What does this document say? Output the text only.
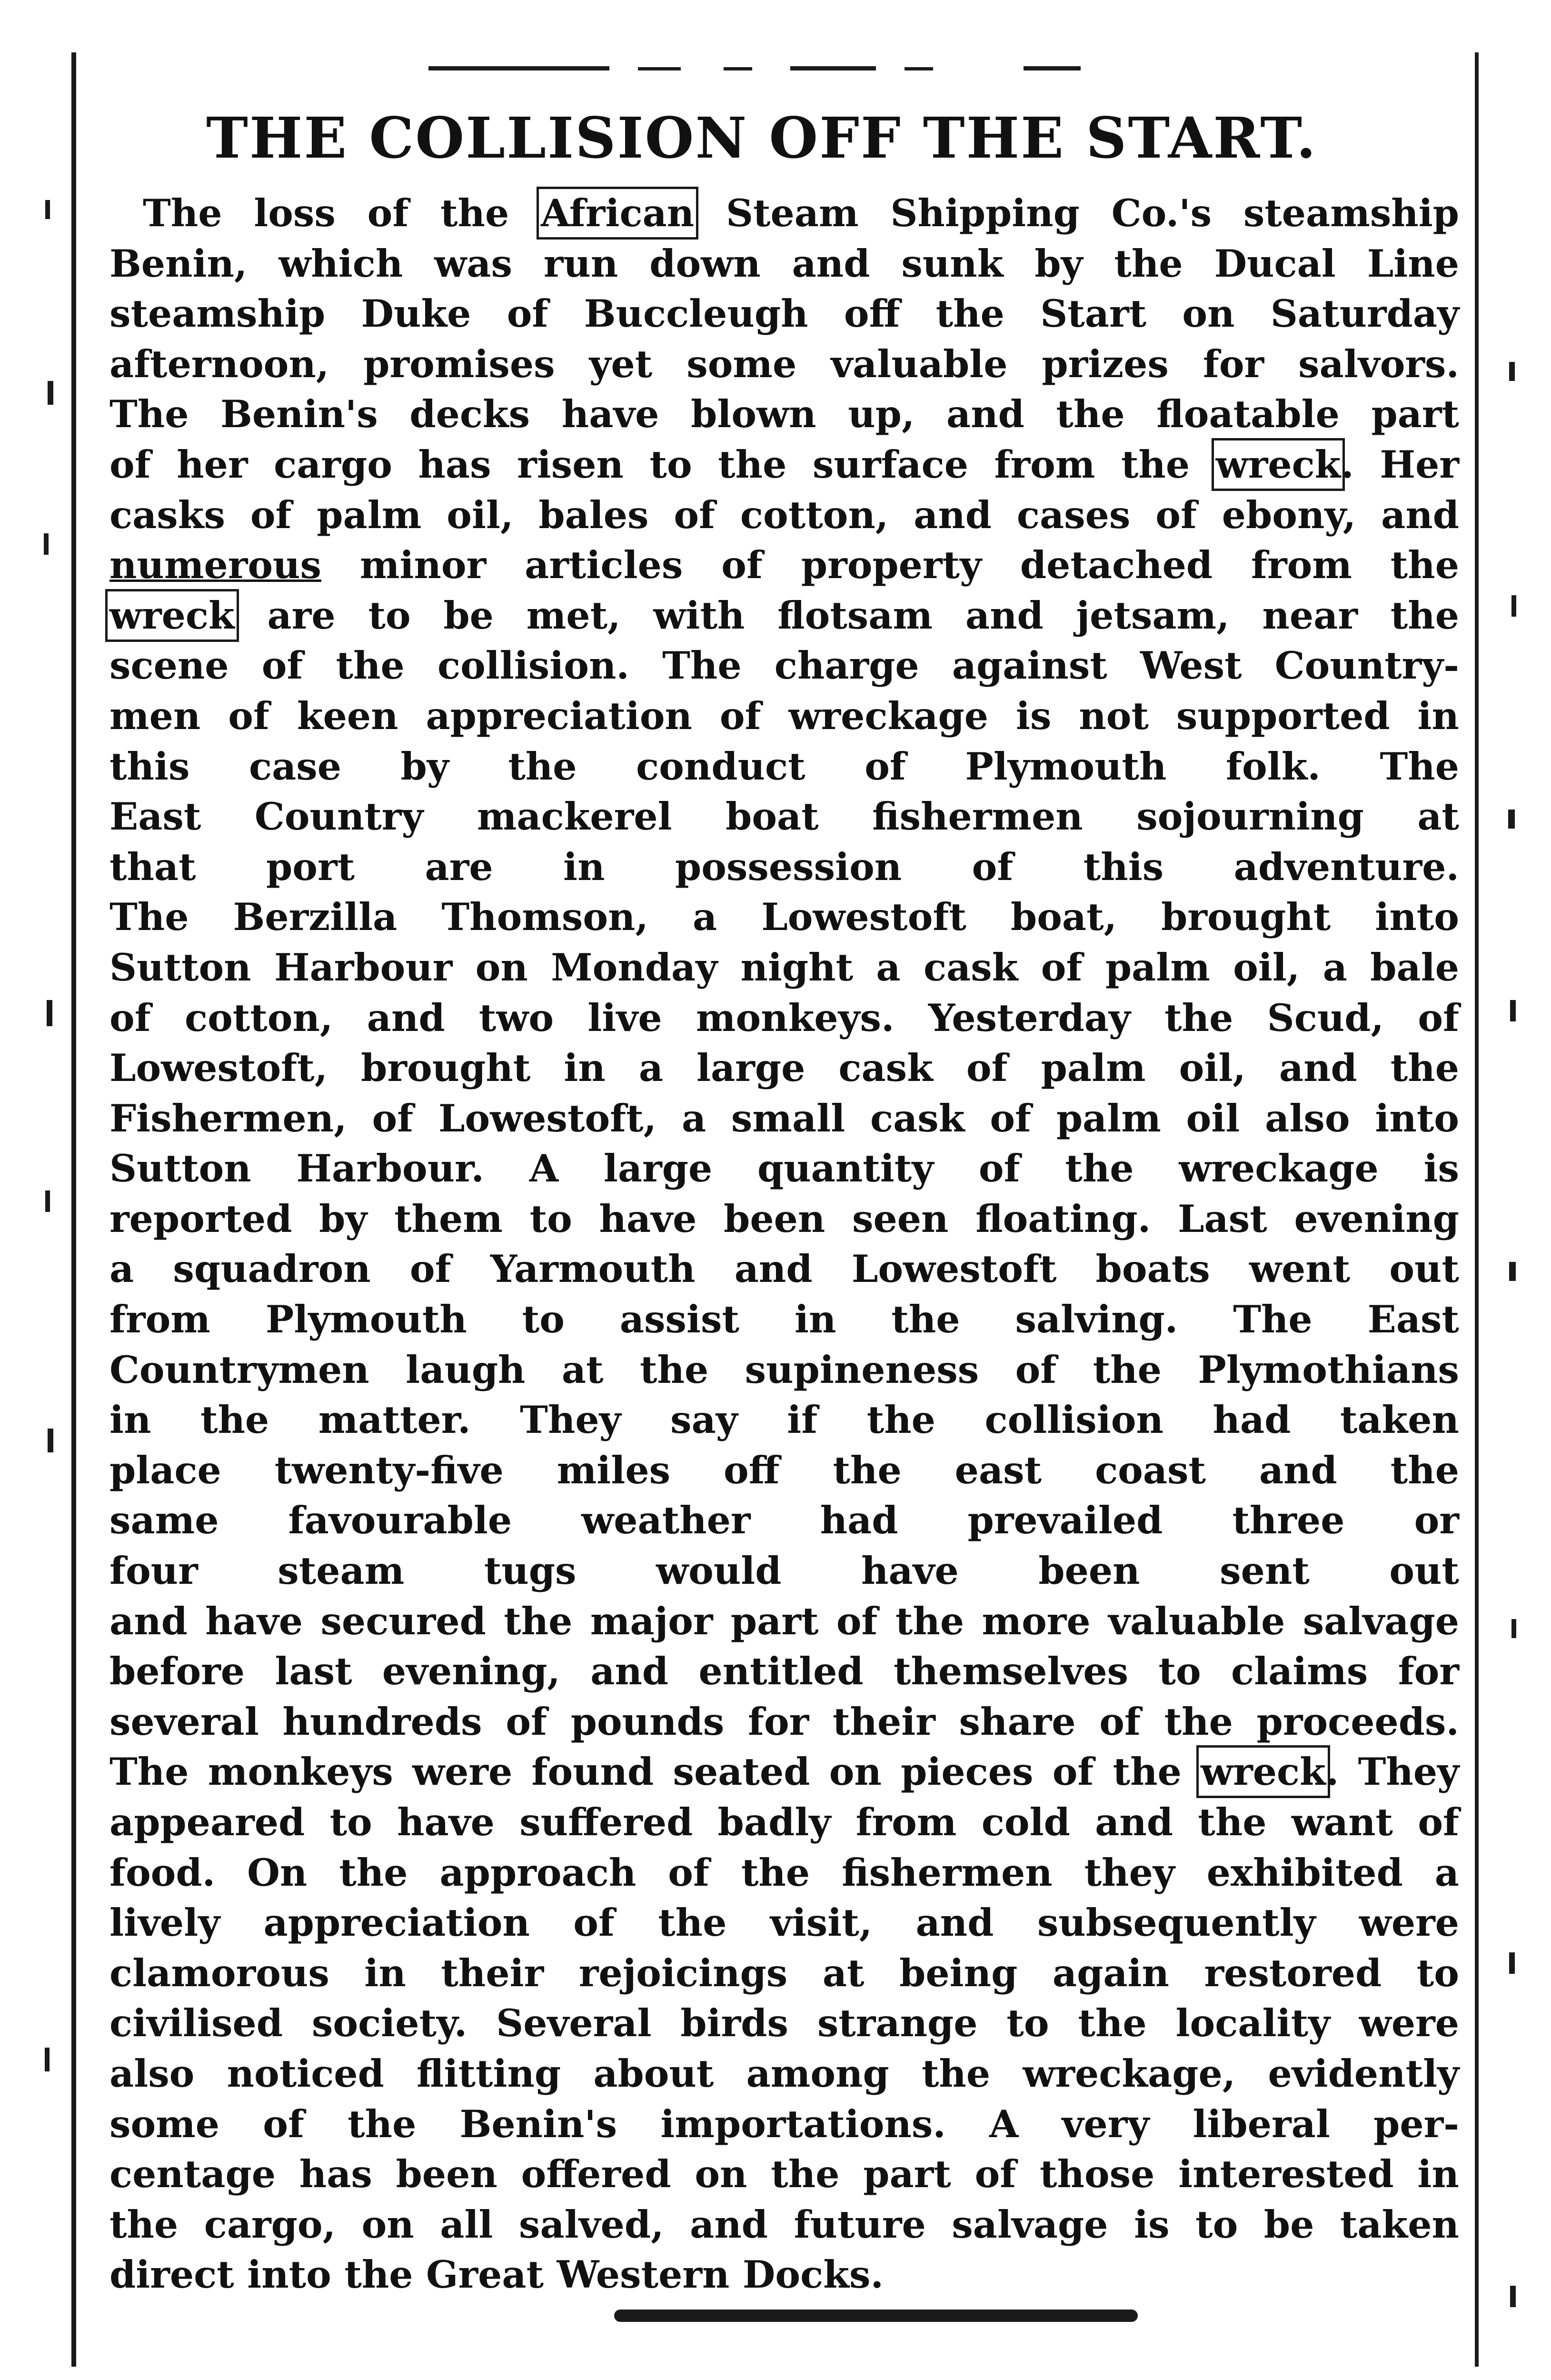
THE COLLISION OFF THE START.
The loss of the African Steam Shipping Co.'s steamship
Benin, which was run down and sunk by the Ducal Line
steamship Duke of Buccleugh off the Start on Saturday
afternoon, promises yet some valuable prizes for salvors.
The Benin's decks have blown up, and the floatable part
of her cargo has risen to the surface from the wreck. Her
casks of palm oil, bales of cotton, and cases of ebony, and
numerous minor articles of property detached from the
wreck are to be met, with flotsam and jetsam, near the
scene of the collision. The charge against West Country-
men of keen appreciation of wreckage is not supported in
this case by the conduct of Plymouth folk. The
East Country mackerel boat fishermen sojourning at
that port are in possession of this adventure.
The Berzilla Thomson, a Lowestoft boat, brought into
Sutton Harbour on Monday night a cask of palm oil, a bale
of cotton, and two live monkeys. Yesterday the Scud, of
Lowestoft, brought in a large cask of palm oil, and the
Fishermen, of Lowestoft, a small cask of palm oil also into
Sutton Harbour. A large quantity of the wreckage is
reported by them to have been seen floating. Last evening
a squadron of Yarmouth and Lowestoft boats went out
from Plymouth to assist in the salving. The East
Countrymen laugh at the supineness of the Plymothians
in the matter. They say if the collision had taken
place twenty-five miles off the east coast and the
same favourable weather had prevailed three or
four steam tugs would have been sent out
and have secured the major part of the more valuable salvage
before last evening, and entitled themselves to claims for
several hundreds of pounds for their share of the proceeds.
The monkeys were found seated on pieces of the wreck. They
appeared to have suffered badly from cold and the want of
food. On the approach of the fishermen they exhibited a
lively appreciation of the visit, and subsequently were
clamorous in their rejoicings at being again restored to
civilised society. Several birds strange to the locality were
also noticed flitting about among the wreckage, evidently
some of the Benin's importations. A very liberal per-
centage has been offered on the part of those interested in
the cargo, on all salved, and future salvage is to be taken
direct into the Great Western Docks.
